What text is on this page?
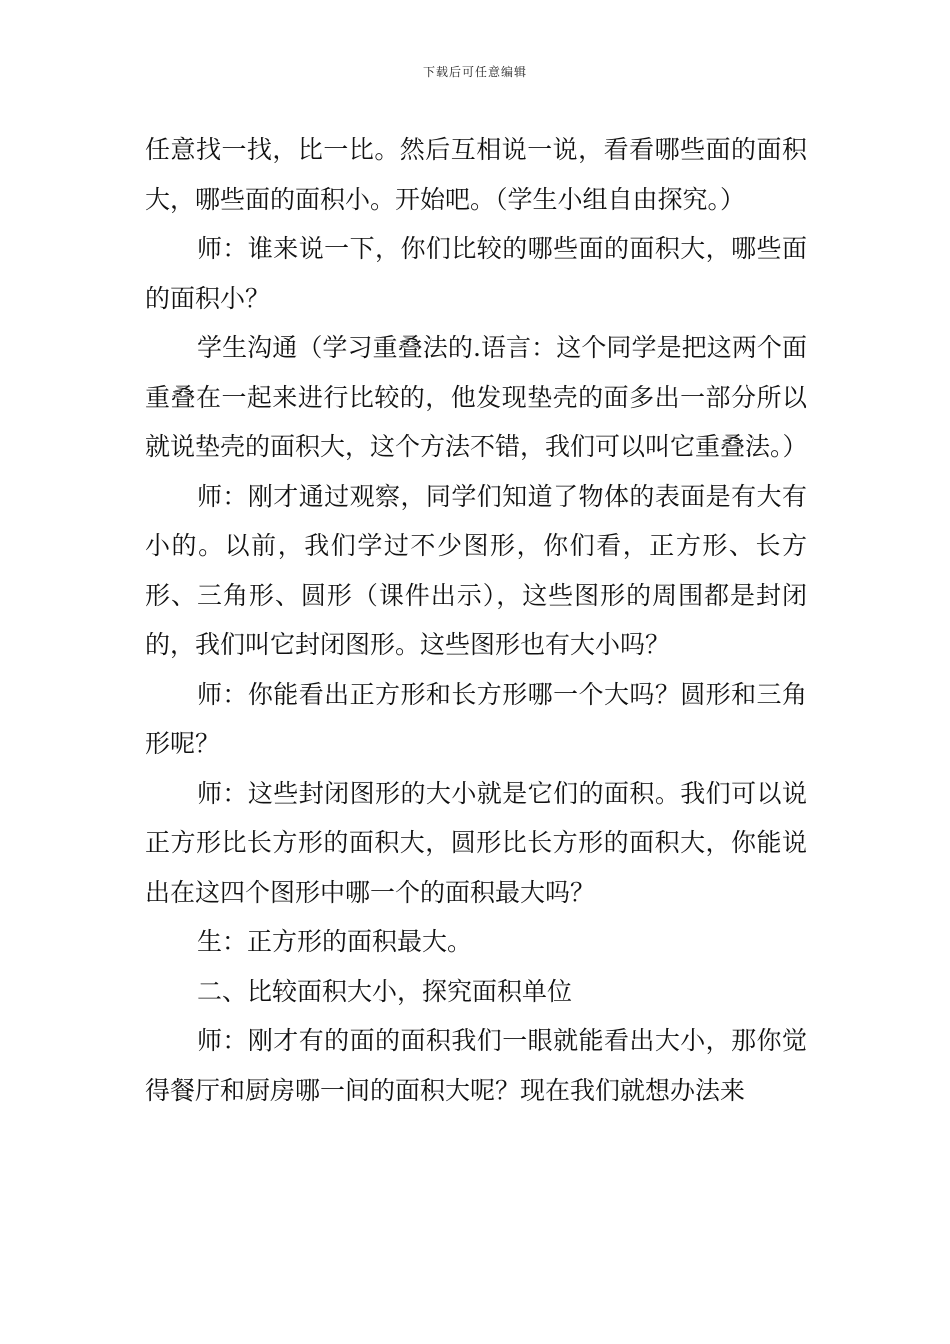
下载后可任意编辑

任意找一找，比一比。然后互相说一说，看看哪些面的面积大，哪些面的面积小。开始吧。（学生小组自由探究。）

师：谁来说一下，你们比较的哪些面的面积大，哪些面的面积小？

学生沟通（学习重叠法的.语言：这个同学是把这两个面重叠在一起来进行比较的，他发现垫壳的面多出一部分所以就说垫壳的面积大，这个方法不错，我们可以叫它重叠法。）

师：刚才通过观察，同学们知道了物体的表面是有大有小的。以前，我们学过不少图形，你们看，正方形、长方形、三角形、圆形（课件出示），这些图形的周围都是封闭的，我们叫它封闭图形。这些图形也有大小吗？

师：你能看出正方形和长方形哪一个大吗？圆形和三角形呢？

师：这些封闭图形的大小就是它们的面积。我们可以说正方形比长方形的面积大，圆形比长方形的面积大，你能说出在这四个图形中哪一个的面积最大吗？

生：正方形的面积最大。

二、比较面积大小，探究面积单位

师：刚才有的面的面积我们一眼就能看出大小，那你觉得餐厅和厨房哪一间的面积大呢？现在我们就想办法来
